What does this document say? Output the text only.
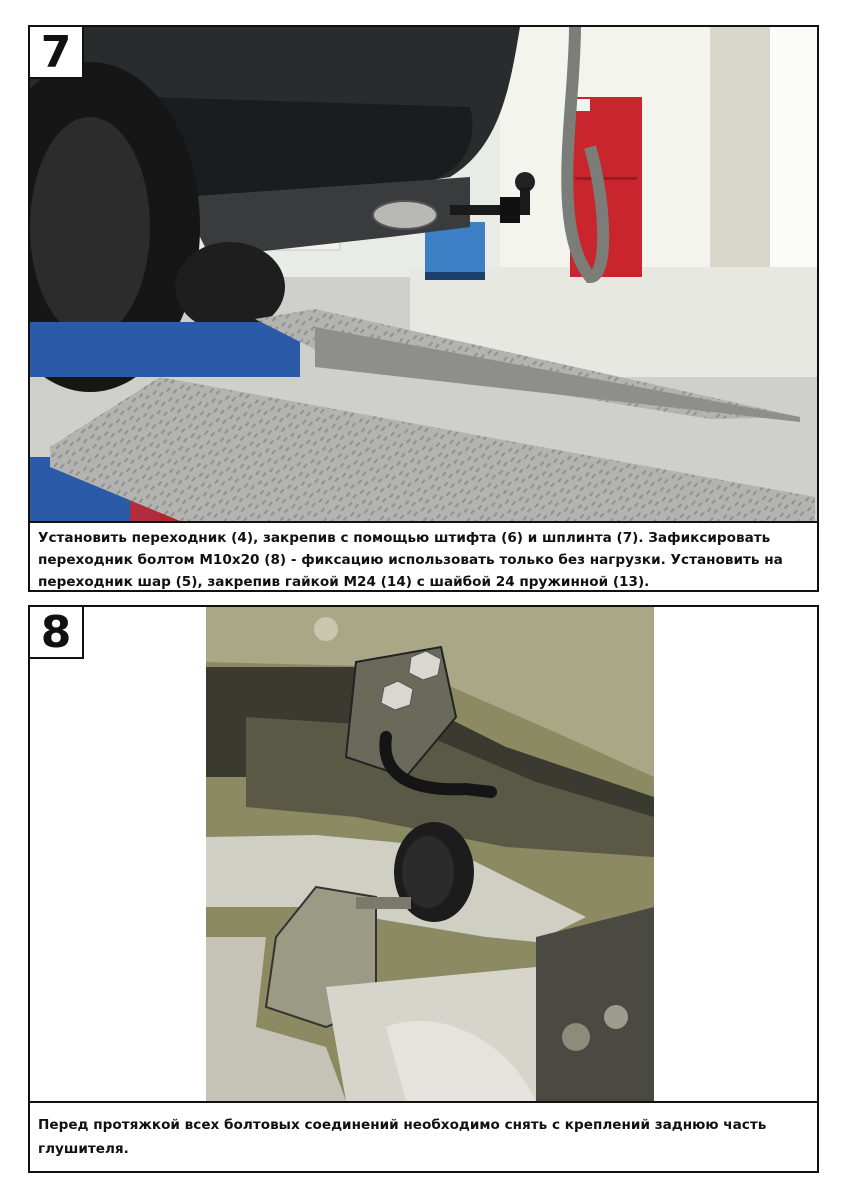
7
Установить переходник (4), закрепив с помощью штифта (6) и шплинта (7). Зафиксировать переходник болтом М10х20 (8) - фиксацию использовать только без нагрузки. Установить на переходник шар (5), закрепив гайкой М24 (14) с шайбой 24 пружинной (13).
8
Перед протяжкой всех болтовых соединений необходимо снять с креплений заднюю часть глушителя.
